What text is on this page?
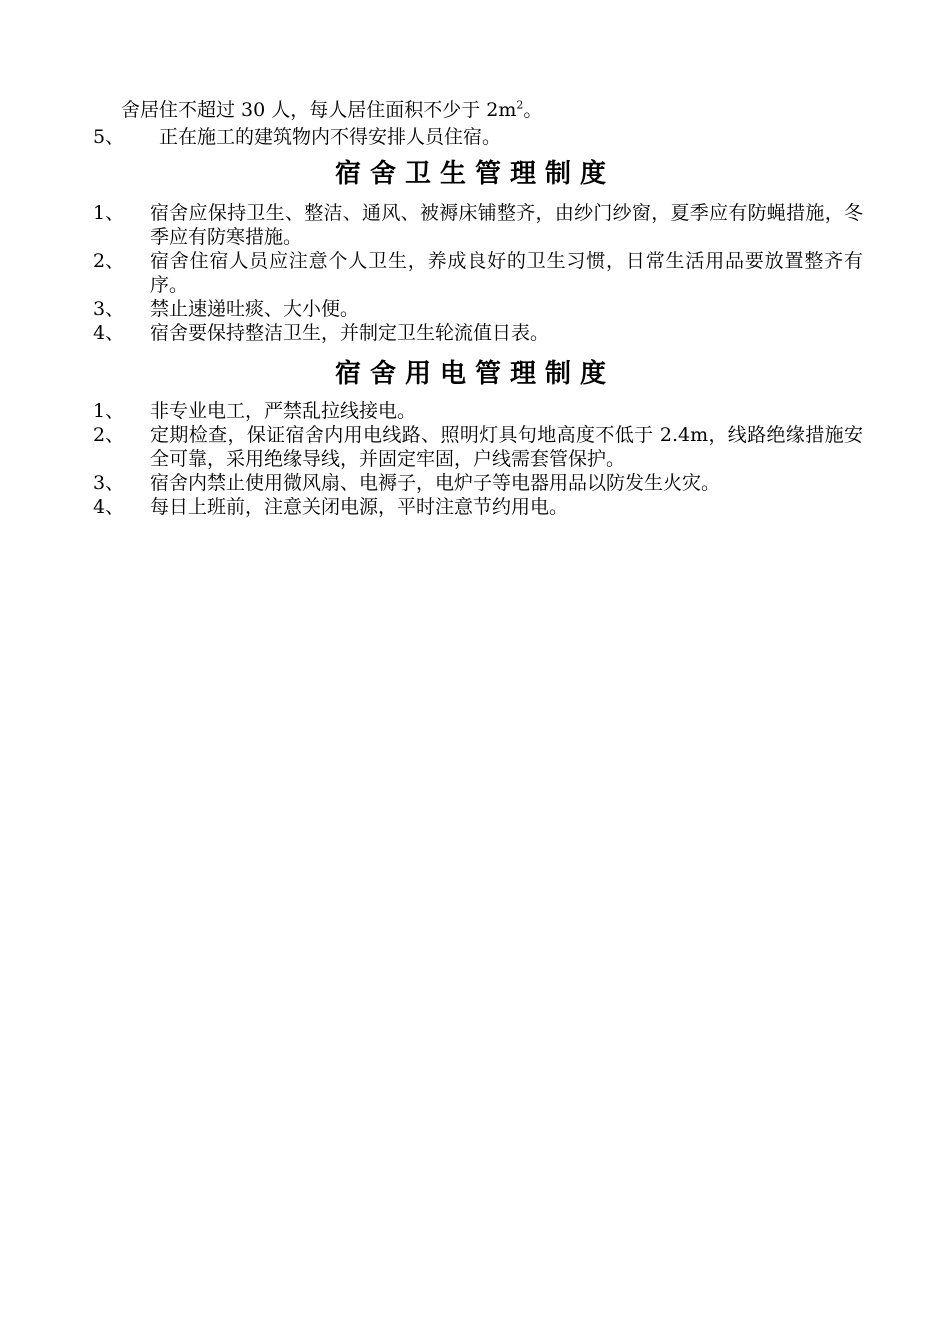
舍居住不超过 30 人，每人居住面积不少于 $2m^2$。
5、 正在施工的建筑物内不得安排人员住宿。
宿舍卫生管理制度
1、	宿舍应保持卫生、整洁、通风、被褥床铺整齐，由纱门纱窗，夏季应有防蝇措施，冬季应有防寒措施。
2、	宿舍住宿人员应注意个人卫生，养成良好的卫生习惯，日常生活用品要放置整齐有序。
3、	禁止速递吐痰、大小便。
4、	宿舍要保持整洁卫生，并制定卫生轮流值日表。
宿舍用电管理制度
1、	非专业电工，严禁乱拉线接电。
2、	定期检查，保证宿舍内用电线路、照明灯具句地高度不低于 2.4m，线路绝缘措施安全可靠，采用绝缘导线，并固定牢固，户线需套管保护。
3、	宿舍内禁止使用微风扇、电褥子，电炉子等电器用品以防发生火灾。
4、	每日上班前，注意关闭电源，平时注意节约用电。
